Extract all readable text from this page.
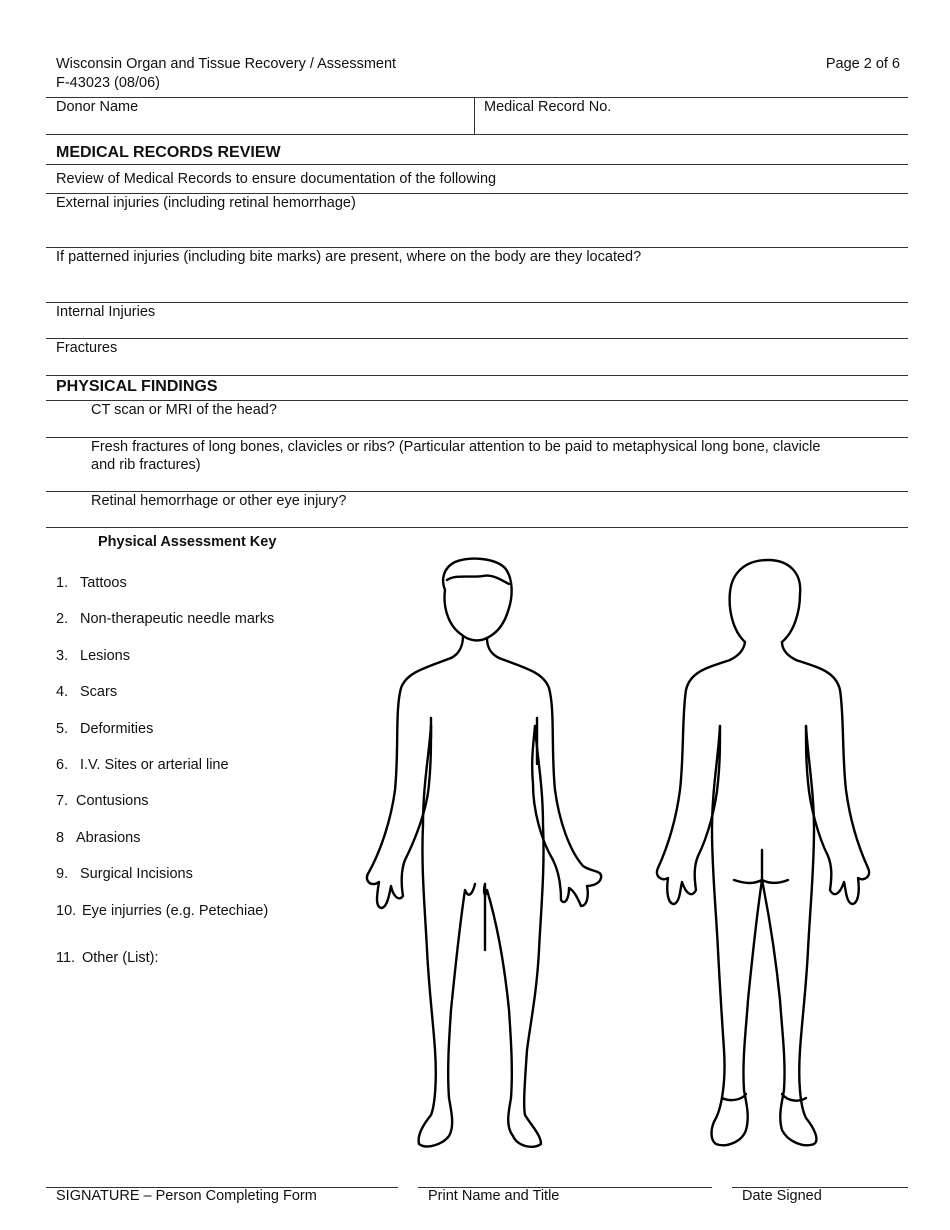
Wisconsin Organ and Tissue Recovery / Assessment
F-43023 (08/06)
Page 2 of 6
Donor Name	Medical Record No.
MEDICAL RECORDS REVIEW
Review of Medical Records to ensure documentation of the following
External injuries (including retinal hemorrhage)
If patterned injuries (including bite marks) are present, where on the body are they located?
Internal Injuries
Fractures
PHYSICAL FINDINGS
CT scan or MRI of the head?
Fresh fractures of long bones, clavicles or ribs? (Particular attention to be paid to metaphysical long bone, clavicle
and rib fractures)
Retinal hemorrhage or other eye injury?
Physical Assessment Key
1. Tattoos
2. Non-therapeutic needle marks
3. Lesions
4. Scars
5. Deformities
6. I.V. Sites or arterial line
7. Contusions
8 Abrasions
9. Surgical Incisions
10. Eye injurries (e.g. Petechiae)
11. Other (List):
SIGNATURE – Person Completing Form	Print Name and Title	Date Signed
